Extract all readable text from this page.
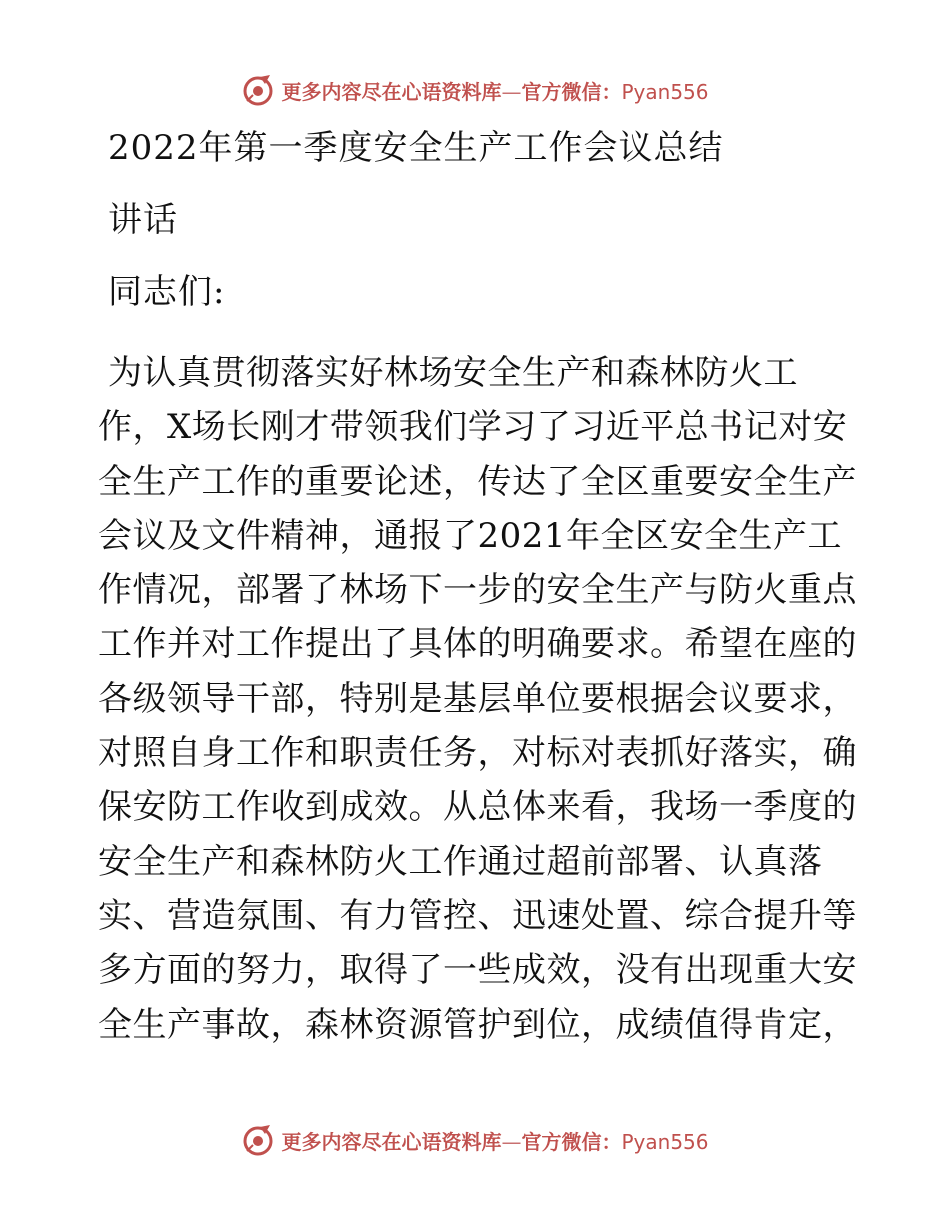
更多内容尽在心语资料库—官方微信：Pyan556
2022年第一季度安全生产工作会议总结
讲话
同志们:
为认真贯彻落实好林场安全生产和森林防火工
作，X场长刚才带领我们学习了习近平总书记对安
全生产工作的重要论述，传达了全区重要安全生产
会议及文件精神，通报了2021年全区安全生产工
作情况，部署了林场下一步的安全生产与防火重点
工作并对工作提出了具体的明确要求。希望在座的
各级领导干部，特别是基层单位要根据会议要求，
对照自身工作和职责任务，对标对表抓好落实，确
保安防工作收到成效。从总体来看，我场一季度的
安全生产和森林防火工作通过超前部署、认真落
实、营造氛围、有力管控、迅速处置、综合提升等
多方面的努力，取得了一些成效，没有出现重大安
全生产事故，森林资源管护到位，成绩值得肯定，
更多内容尽在心语资料库—官方微信：Pyan556
